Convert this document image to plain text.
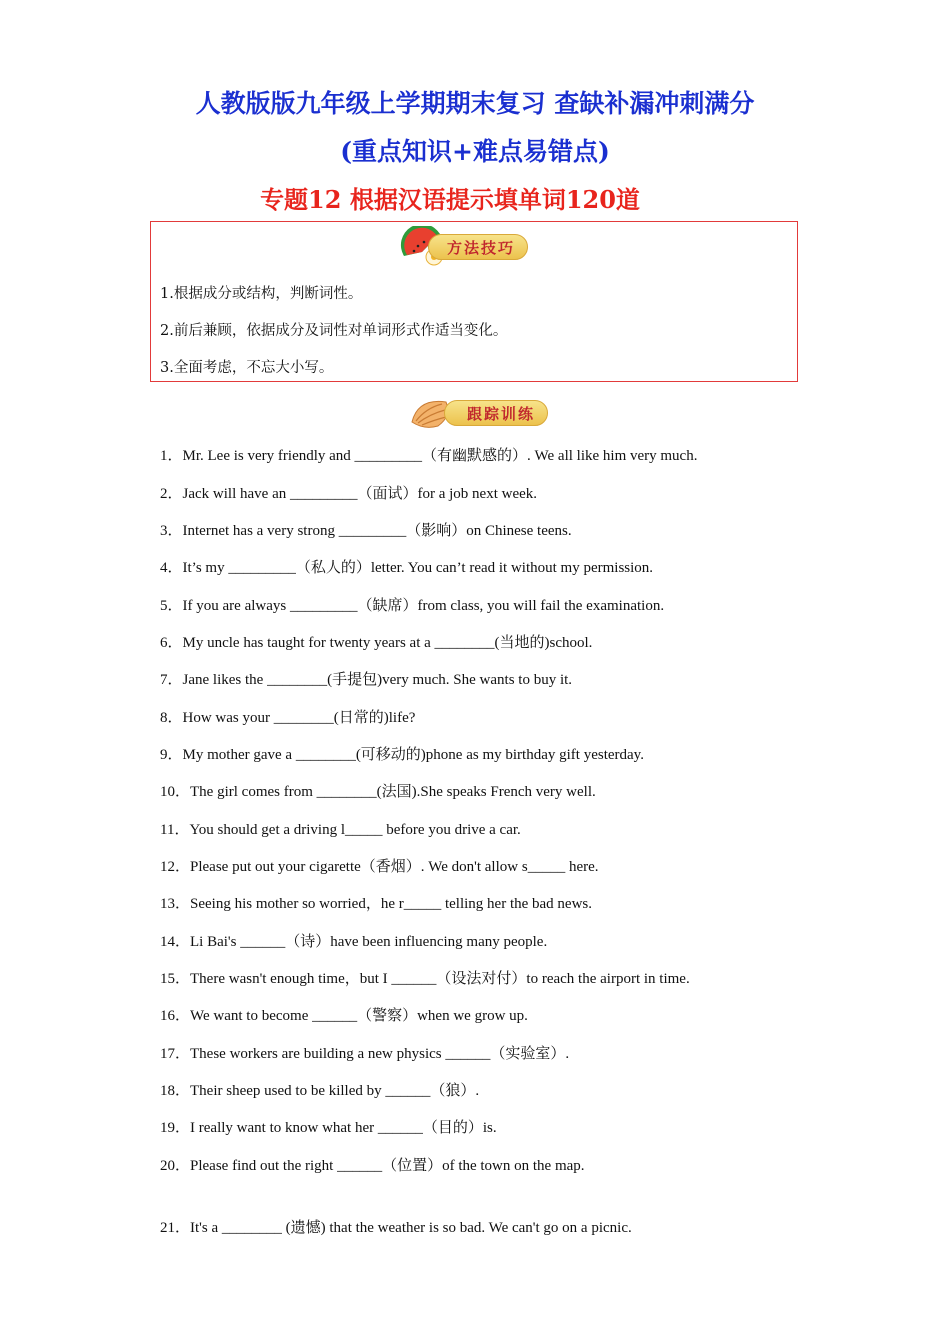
人教版版九年级上学期期末复习 查缺补漏冲刺满分
(重点知识+难点易错点)
专题12 根据汉语提示填单词120道
方法技巧
1.根据成分或结构，判断词性。
2.前后兼顾，依据成分及词性对单词形式作适当变化。
3.全面考虑，不忘大小写。
跟踪训练
1．Mr. Lee is very friendly and _________（有幽默感的）. We all like him very much.
2．Jack will have an _________（面试）for a job next week.
3．Internet has a very strong _________（影响）on Chinese teens.
4．It’s my _________（私人的）letter. You can’t read it without my permission.
5．If you are always _________（缺席）from class, you will fail the examination.
6．My uncle has taught for twenty years at a ________(当地的)school.
7．Jane likes the ________(手提包)very much. She wants to buy it.
8．How was your ________(日常的)life?
9．My mother gave a ________(可移动的)phone as my birthday gift yesterday.
10．The girl comes from ________(法国).She speaks French very well.
11．You should get a driving l_____ before you drive a car.
12．Please put out your cigarette（香烟）. We don't allow s_____ here.
13．Seeing his mother so worried，he r_____ telling her the bad news.
14．Li Bai's ______（诗）have been influencing many people.
15．There wasn't enough time，but I ______（设法对付）to reach the airport in time.
16．We want to become ______（警察）when we grow up.
17．These workers are building a new physics ______（实验室）.
18．Their sheep used to be killed by ______（狼）.
19．I really want to know what her ______（目的）is.
20．Please find out the right ______（位置）of the town on the map.
21．It's a ________ (遗憾) that the weather is so bad. We can't go on a picnic.
